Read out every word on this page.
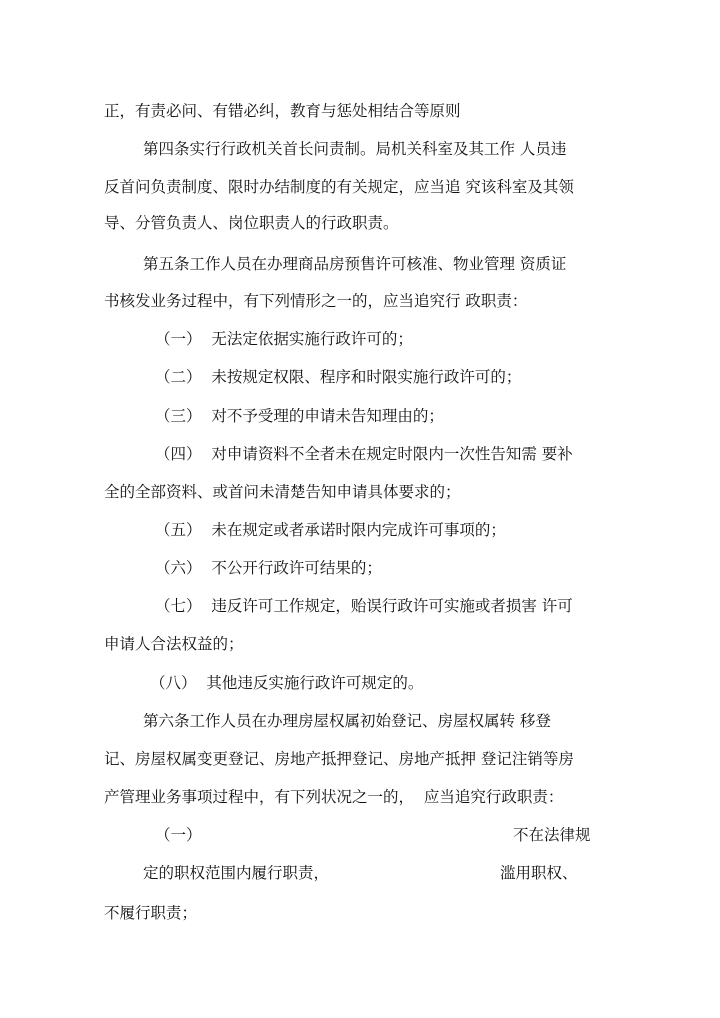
正，有责必问、有错必纠，教育与惩处相结合等原则
第四条实行行政机关首长问责制。局机关科室及其工作 人员违
反首问负责制度、限时办结制度的有关规定，应当追 究该科室及其领
导、分管负责人、岗位职责人的行政职责。
第五条工作人员在办理商品房预售许可核准、物业管理 资质证
书核发业务过程中，有下列情形之一的，应当追究行 政职责：
（一）  无法定依据实施行政许可的；
（二）  未按规定权限、程序和时限实施行政许可的；
（三）  对不予受理的申请未告知理由的；
（四）  对申请资料不全者未在规定时限内一次性告知需 要补
全的全部资料、或首问未清楚告知申请具体要求的；
（五）  未在规定或者承诺时限内完成许可事项的；
（六）  不公开行政许可结果的；
（七）  违反许可工作规定，贻误行政许可实施或者损害 许可
申请人合法权益的；
（八）  其他违反实施行政许可规定的。
第六条工作人员在办理房屋权属初始登记、房屋权属转 移登
记、房屋权属变更登记、房地产抵押登记、房地产抵押 登记注销等房
产管理业务事项过程中，有下列状况之一的，  应当追究行政职责：
（一）	不在法律规
定的职权范围内履行职责，	滥用职权、
不履行职责；
